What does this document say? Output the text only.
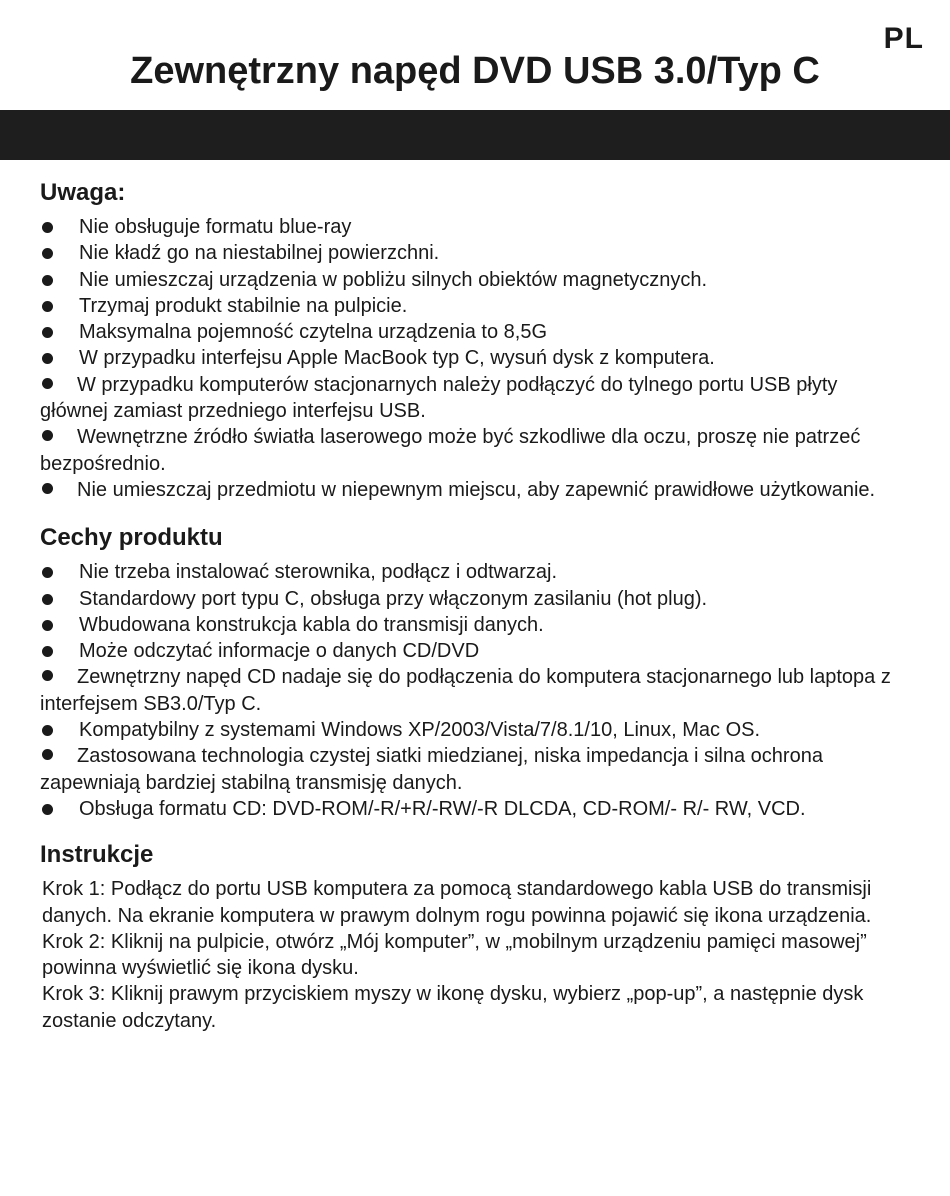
PL
Zewnętrzny napęd DVD USB 3.0/Typ C
Uwaga:
Nie obsługuje formatu blue-ray
Nie kładź go na niestabilnej powierzchni.
Nie umieszczaj urządzenia w pobliżu silnych obiektów magnetycznych.
Trzymaj produkt stabilnie na pulpicie.
Maksymalna pojemność czytelna urządzenia to 8,5G
W przypadku interfejsu Apple MacBook typ C, wysuń dysk z komputera.
W przypadku komputerów stacjonarnych należy podłączyć do tylnego portu USB płyty głównej zamiast przedniego interfejsu USB.
Wewnętrzne źródło światła laserowego może być szkodliwe dla oczu, proszę nie patrzeć bezpośrednio.
Nie umieszczaj przedmiotu w niepewnym miejscu, aby zapewnić prawidłowe użytkowanie.
Cechy produktu
Nie trzeba instalować sterownika, podłącz i odtwarzaj.
Standardowy port typu C, obsługa przy włączonym zasilaniu (hot plug).
Wbudowana konstrukcja kabla do transmisji danych.
Może odczytać informacje o danych CD/DVD
Zewnętrzny napęd CD nadaje się do podłączenia do komputera stacjonarnego lub laptopa z interfejsem SB3.0/Typ C.
Kompatybilny z systemami Windows XP/2003/Vista/7/8.1/10, Linux, Mac OS.
Zastosowana technologia czystej siatki miedzianej, niska impedancja i silna ochrona zapewniają bardziej stabilną transmisję danych.
Obsługa formatu CD: DVD-ROM/-R/+R/-RW/-R DLCDA, CD-ROM/- R/- RW, VCD.
Instrukcje

Krok 1: Podłącz do portu USB komputera za pomocą standardowego kabla USB do transmisji danych. Na ekranie komputera w prawym dolnym rogu powinna pojawić się ikona urządzenia.

Krok 2: Kliknij na pulpicie, otwórz „Mój komputer”, w „mobilnym urządzeniu pamięci masowej” powinna wyświetlić się ikona dysku.

Krok 3: Kliknij prawym przyciskiem myszy w ikonę dysku, wybierz „pop-up”, a następnie dysk zostanie odczytany.
